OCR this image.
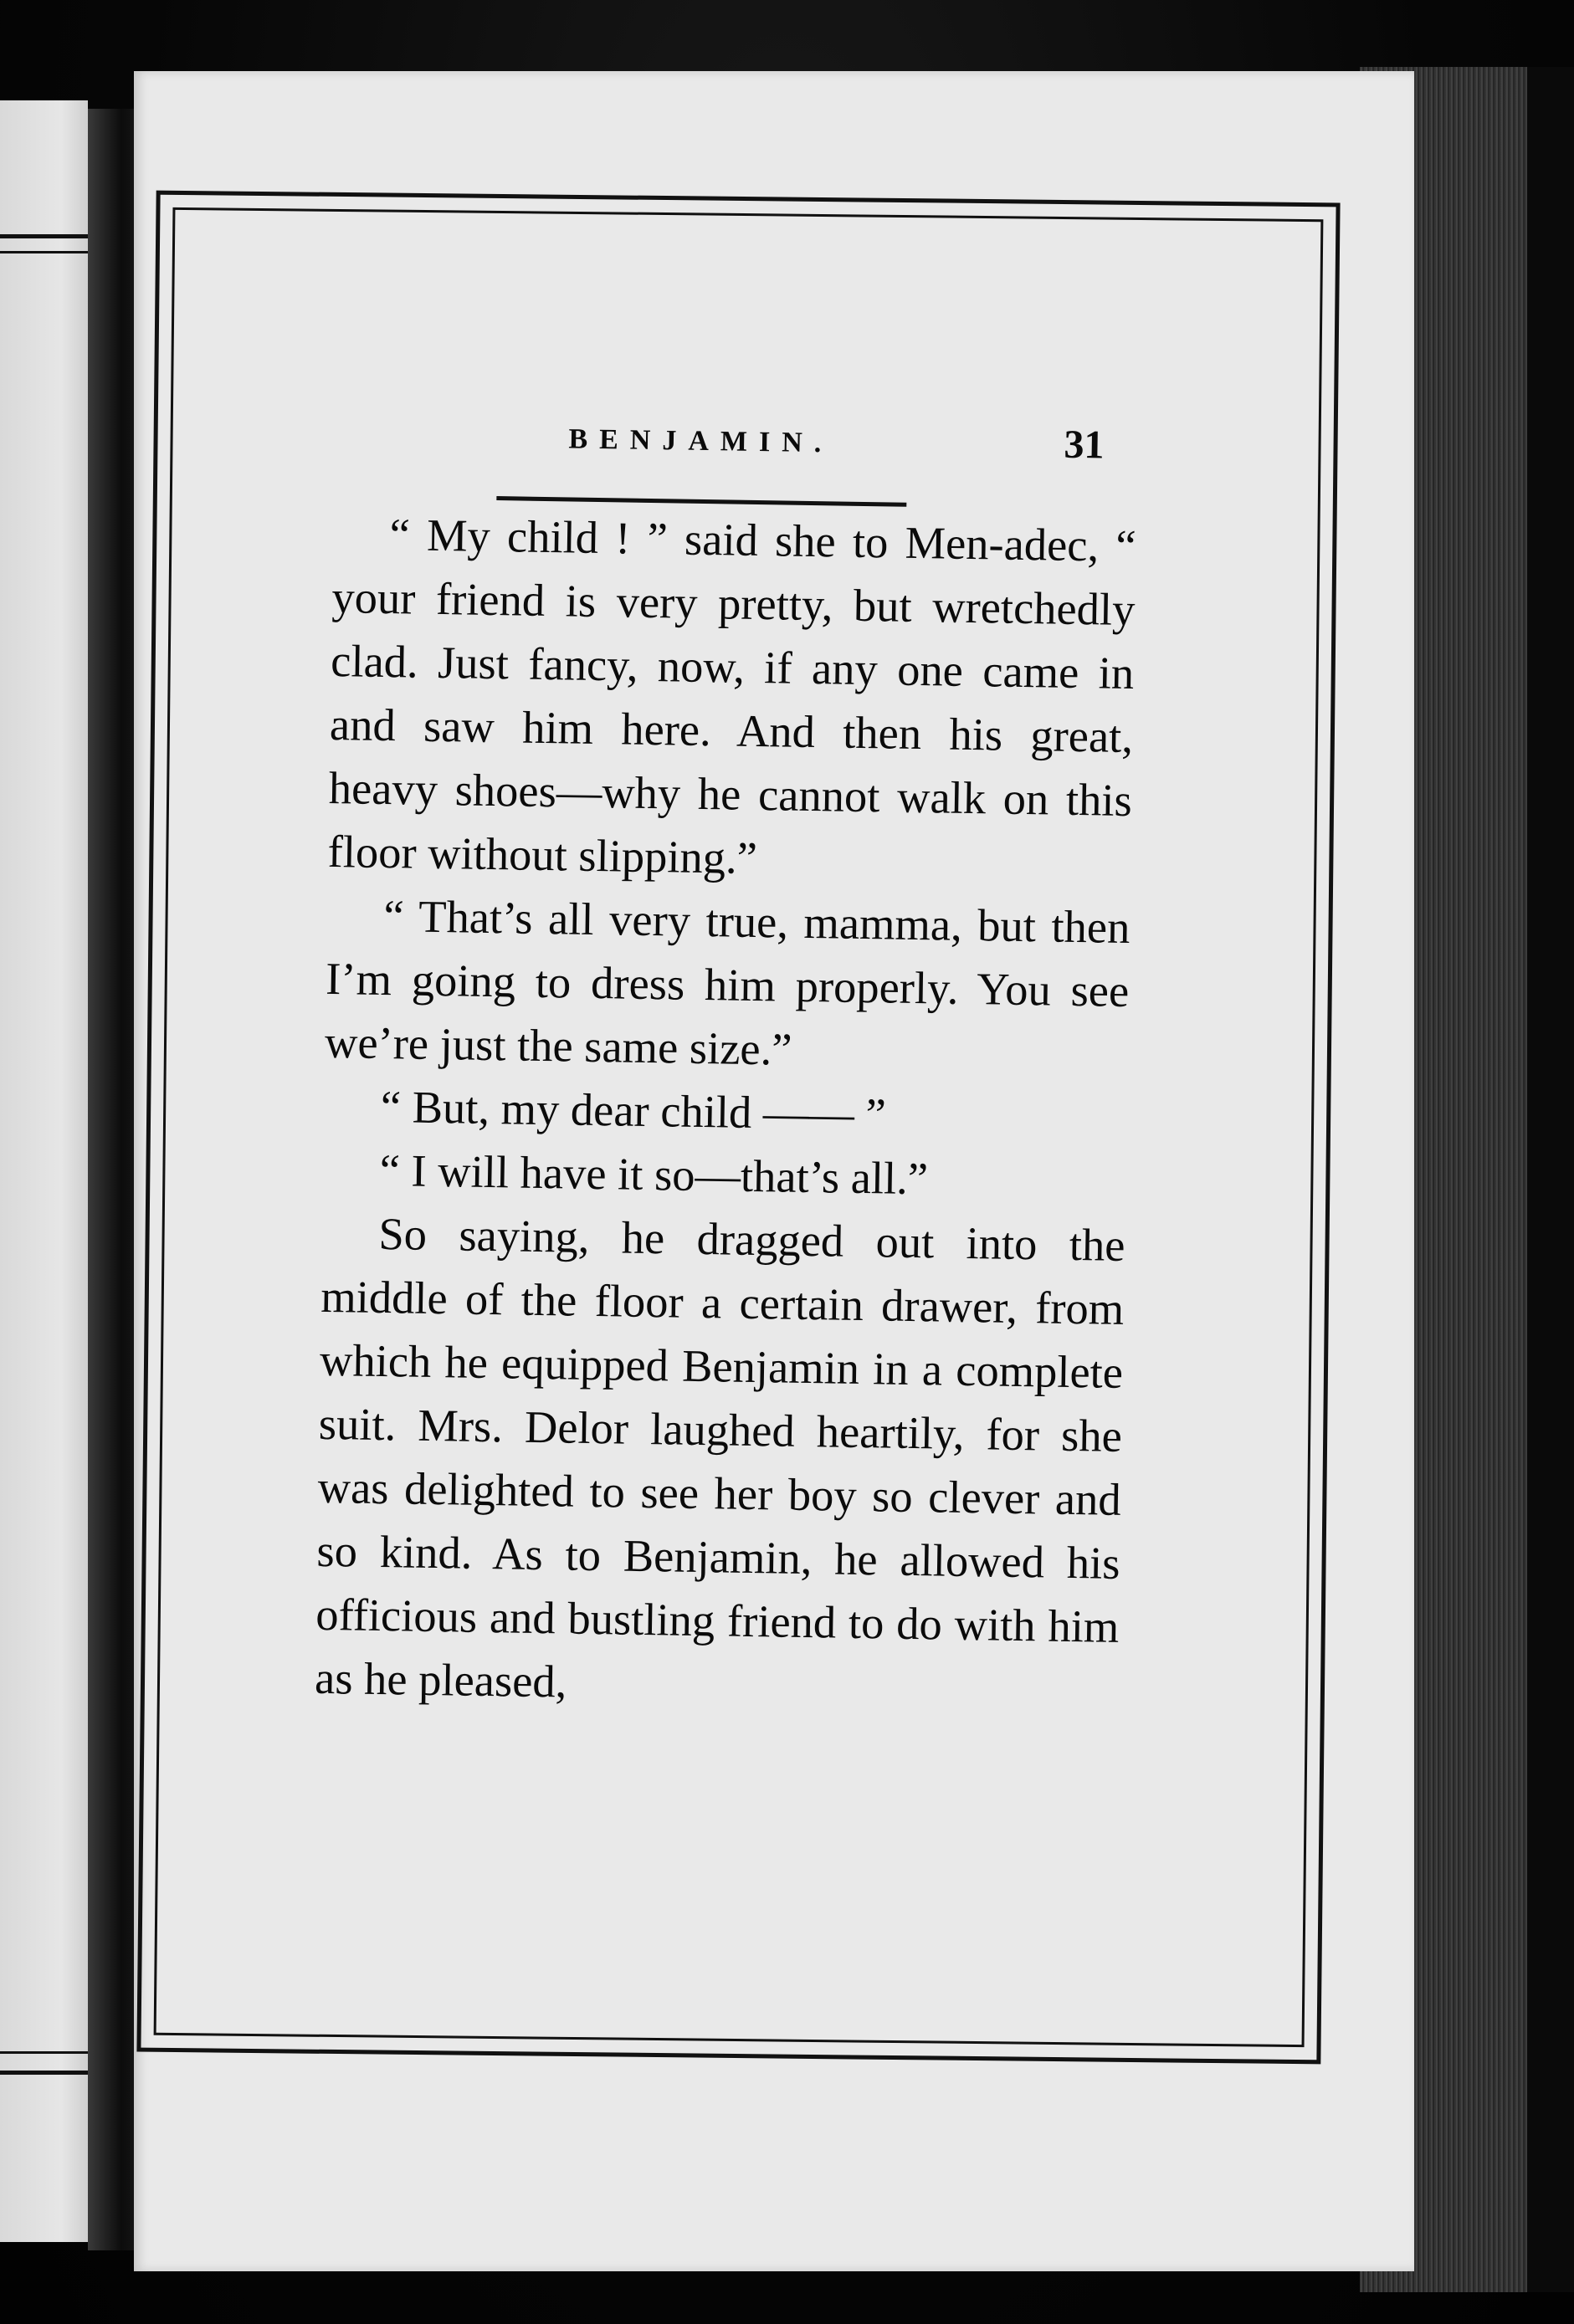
BENJAMIN.	31

“ My child ! ” said she to Men-adec, “ your friend is very pretty, but wretchedly clad. Just fancy, now, if any one came in and saw him here. And then his great, heavy shoes—why he cannot walk on this floor without slipping.”

“ That’s all very true, mamma, but then I’m going to dress him properly. You see we’re just the same size.”

“ But, my dear child —— ”

“ I will have it so—that’s all.”

So saying, he dragged out into the middle of the floor a certain drawer, from which he equipped Benjamin in a complete suit. Mrs. Delor laughed heartily, for she was delighted to see her boy so clever and so kind. As to Benjamin, he allowed his officious and bustling friend to do with him as he pleased,
